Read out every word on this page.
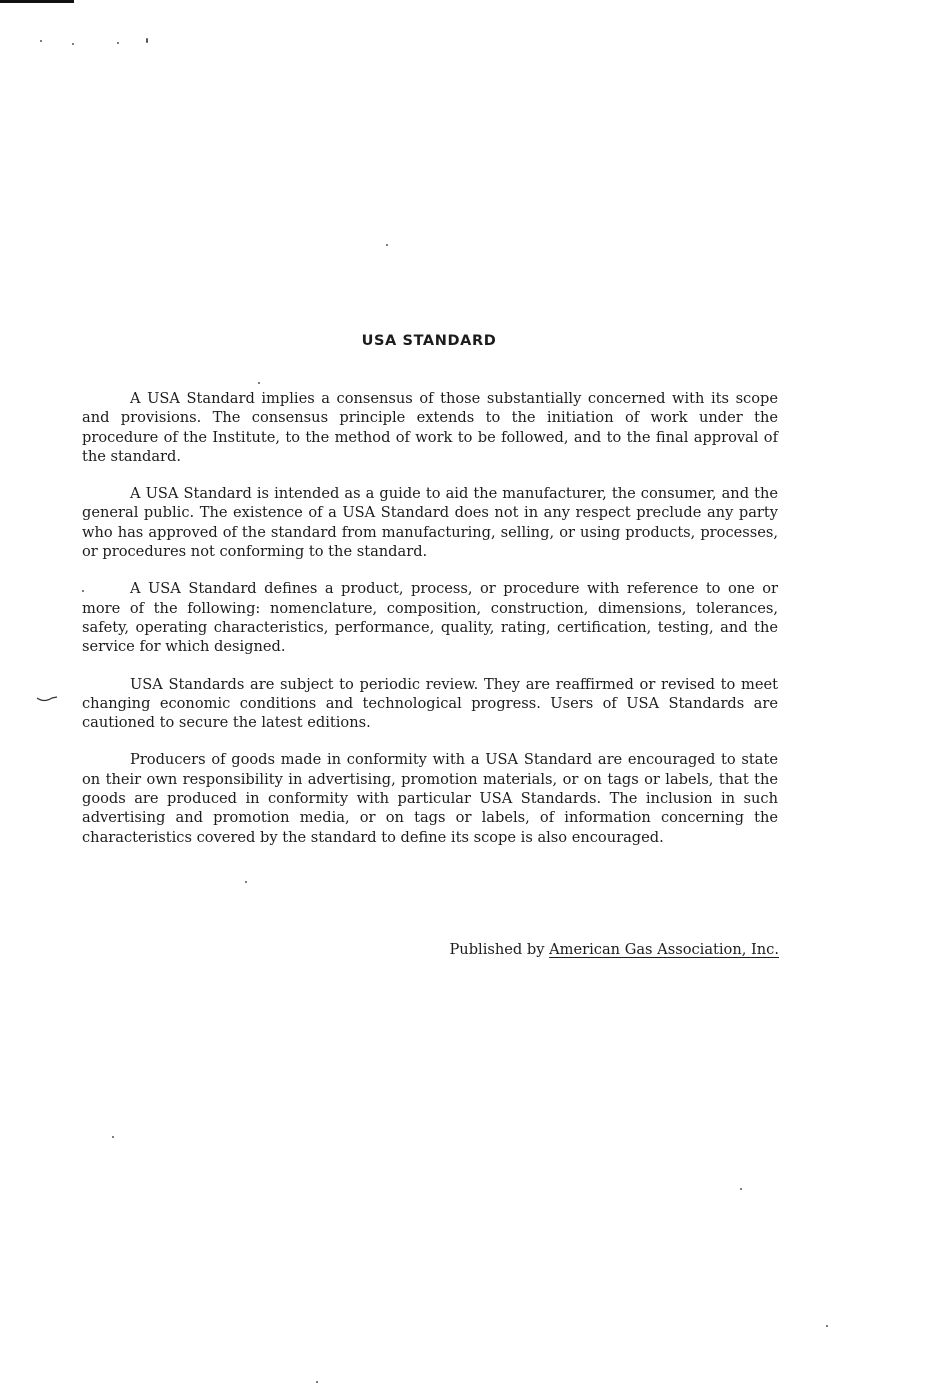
USA STANDARD

A USA Standard implies a consensus of those substantially concerned with its scope and provisions. The consensus principle extends to the initiation of work under the procedure of the Institute, to the method of work to be followed, and to the final approval of the standard.

A USA Standard is intended as a guide to aid the manufacturer, the consumer, and the general public. The existence of a USA Standard does not in any respect preclude any party who has approved of the standard from manufacturing, selling, or using products, processes, or procedures not conforming to the standard.

A USA Standard defines a product, process, or procedure with reference to one or more of the following: nomenclature, composition, construction, dimensions, tolerances, safety, operating characteristics, performance, quality, rating, certification, testing, and the service for which designed.

USA Standards are subject to periodic review. They are reaffirmed or revised to meet changing economic conditions and technological progress. Users of USA Standards are cautioned to secure the latest editions.

Producers of goods made in conformity with a USA Standard are encouraged to state on their own responsibility in advertising, promotion materials, or on tags or labels, that the goods are produced in conformity with particular USA Standards. The inclusion in such advertising and promotion media, or on tags or labels, of information concerning the characteristics covered by the standard to define its scope is also encouraged.

Published by American Gas Association, Inc.
